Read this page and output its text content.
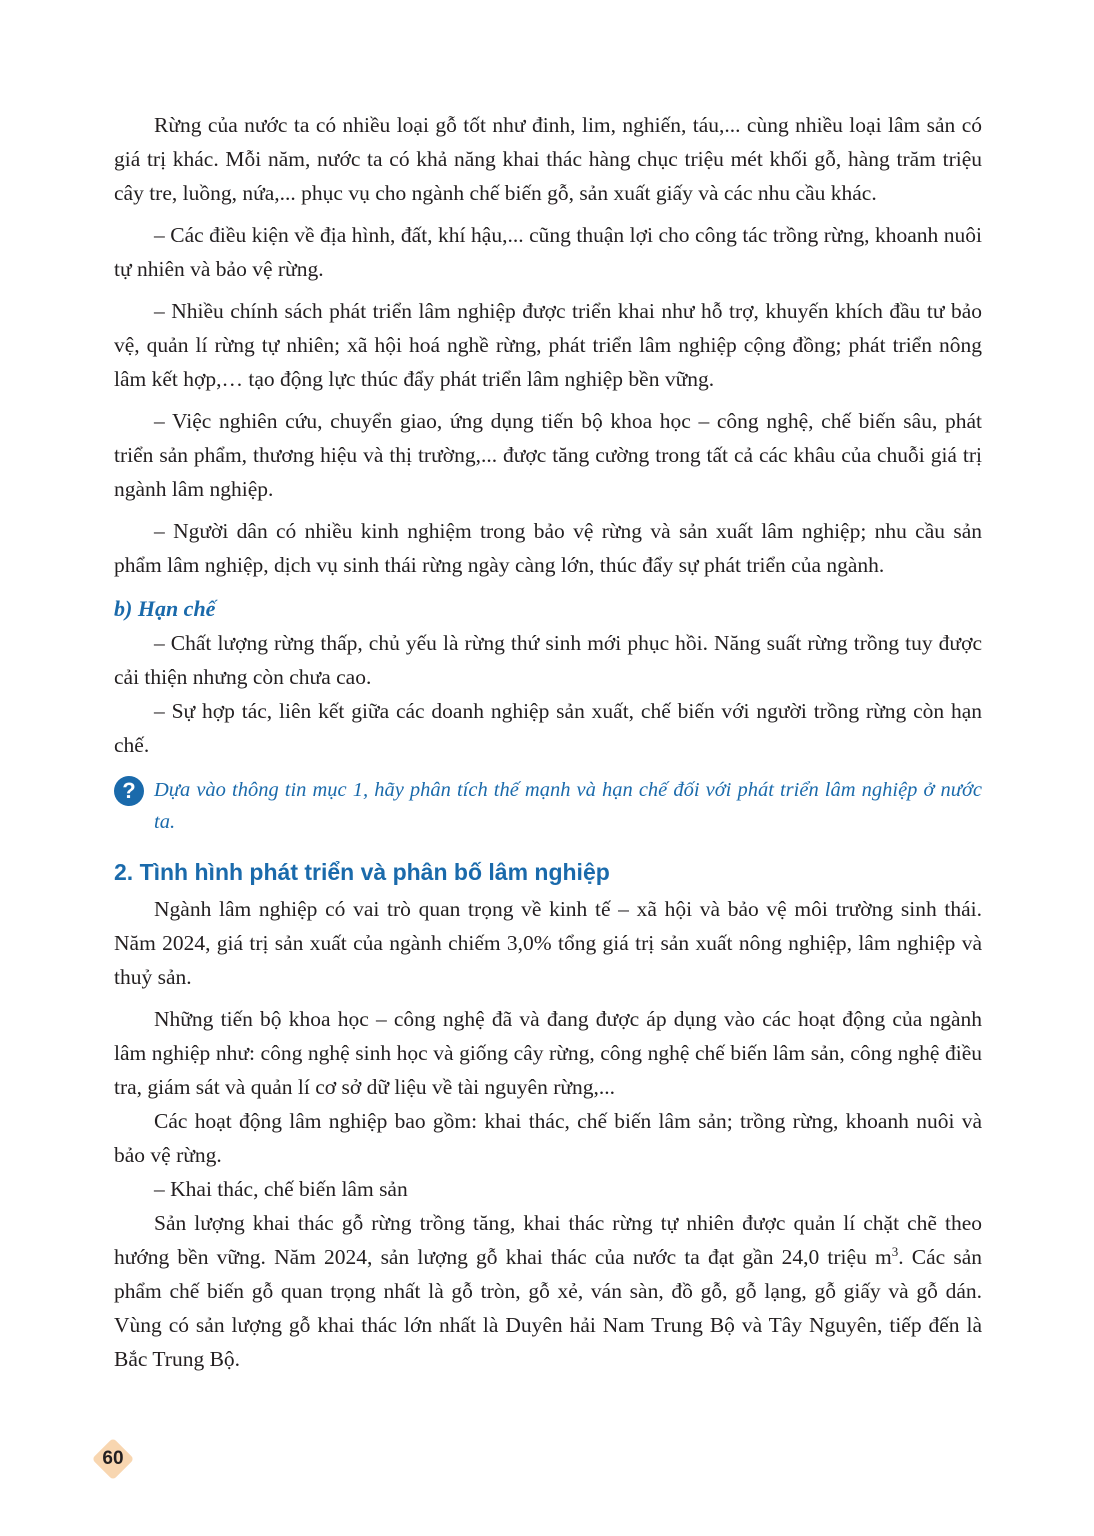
Rừng của nước ta có nhiều loại gỗ tốt như đinh, lim, nghiến, táu,... cùng nhiều loại lâm sản có giá trị khác. Mỗi năm, nước ta có khả năng khai thác hàng chục triệu mét khối gỗ, hàng trăm triệu cây tre, luồng, nứa,... phục vụ cho ngành chế biến gỗ, sản xuất giấy và các nhu cầu khác.

– Các điều kiện về địa hình, đất, khí hậu,... cũng thuận lợi cho công tác trồng rừng, khoanh nuôi tự nhiên và bảo vệ rừng.

– Nhiều chính sách phát triển lâm nghiệp được triển khai như hỗ trợ, khuyến khích đầu tư bảo vệ, quản lí rừng tự nhiên; xã hội hoá nghề rừng, phát triển lâm nghiệp cộng đồng; phát triển nông lâm kết hợp,… tạo động lực thúc đẩy phát triển lâm nghiệp bền vững.

– Việc nghiên cứu, chuyển giao, ứng dụng tiến bộ khoa học – công nghệ, chế biến sâu, phát triển sản phẩm, thương hiệu và thị trường,... được tăng cường trong tất cả các khâu của chuỗi giá trị ngành lâm nghiệp.

– Người dân có nhiều kinh nghiệm trong bảo vệ rừng và sản xuất lâm nghiệp; nhu cầu sản phẩm lâm nghiệp, dịch vụ sinh thái rừng ngày càng lớn, thúc đẩy sự phát triển của ngành.

b) Hạn chế

– Chất lượng rừng thấp, chủ yếu là rừng thứ sinh mới phục hồi. Năng suất rừng trồng tuy được cải thiện nhưng còn chưa cao.

– Sự hợp tác, liên kết giữa các doanh nghiệp sản xuất, chế biến với người trồng rừng còn hạn chế.

? Dựa vào thông tin mục 1, hãy phân tích thế mạnh và hạn chế đối với phát triển lâm nghiệp ở nước ta.
2. Tình hình phát triển và phân bố lâm nghiệp

Ngành lâm nghiệp có vai trò quan trọng về kinh tế – xã hội và bảo vệ môi trường sinh thái. Năm 2024, giá trị sản xuất của ngành chiếm 3,0% tổng giá trị sản xuất nông nghiệp, lâm nghiệp và thuỷ sản.

Những tiến bộ khoa học – công nghệ đã và đang được áp dụng vào các hoạt động của ngành lâm nghiệp như: công nghệ sinh học và giống cây rừng, công nghệ chế biến lâm sản, công nghệ điều tra, giám sát và quản lí cơ sở dữ liệu về tài nguyên rừng,...

Các hoạt động lâm nghiệp bao gồm: khai thác, chế biến lâm sản; trồng rừng, khoanh nuôi và bảo vệ rừng.

– Khai thác, chế biến lâm sản

Sản lượng khai thác gỗ rừng trồng tăng, khai thác rừng tự nhiên được quản lí chặt chẽ theo hướng bền vững. Năm 2024, sản lượng gỗ khai thác của nước ta đạt gần 24,0 triệu $m^3$. Các sản phẩm chế biến gỗ quan trọng nhất là gỗ tròn, gỗ xẻ, ván sàn, đồ gỗ, gỗ lạng, gỗ giấy và gỗ dán. Vùng có sản lượng gỗ khai thác lớn nhất là Duyên hải Nam Trung Bộ và Tây Nguyên, tiếp đến là Bắc Trung Bộ.

60
